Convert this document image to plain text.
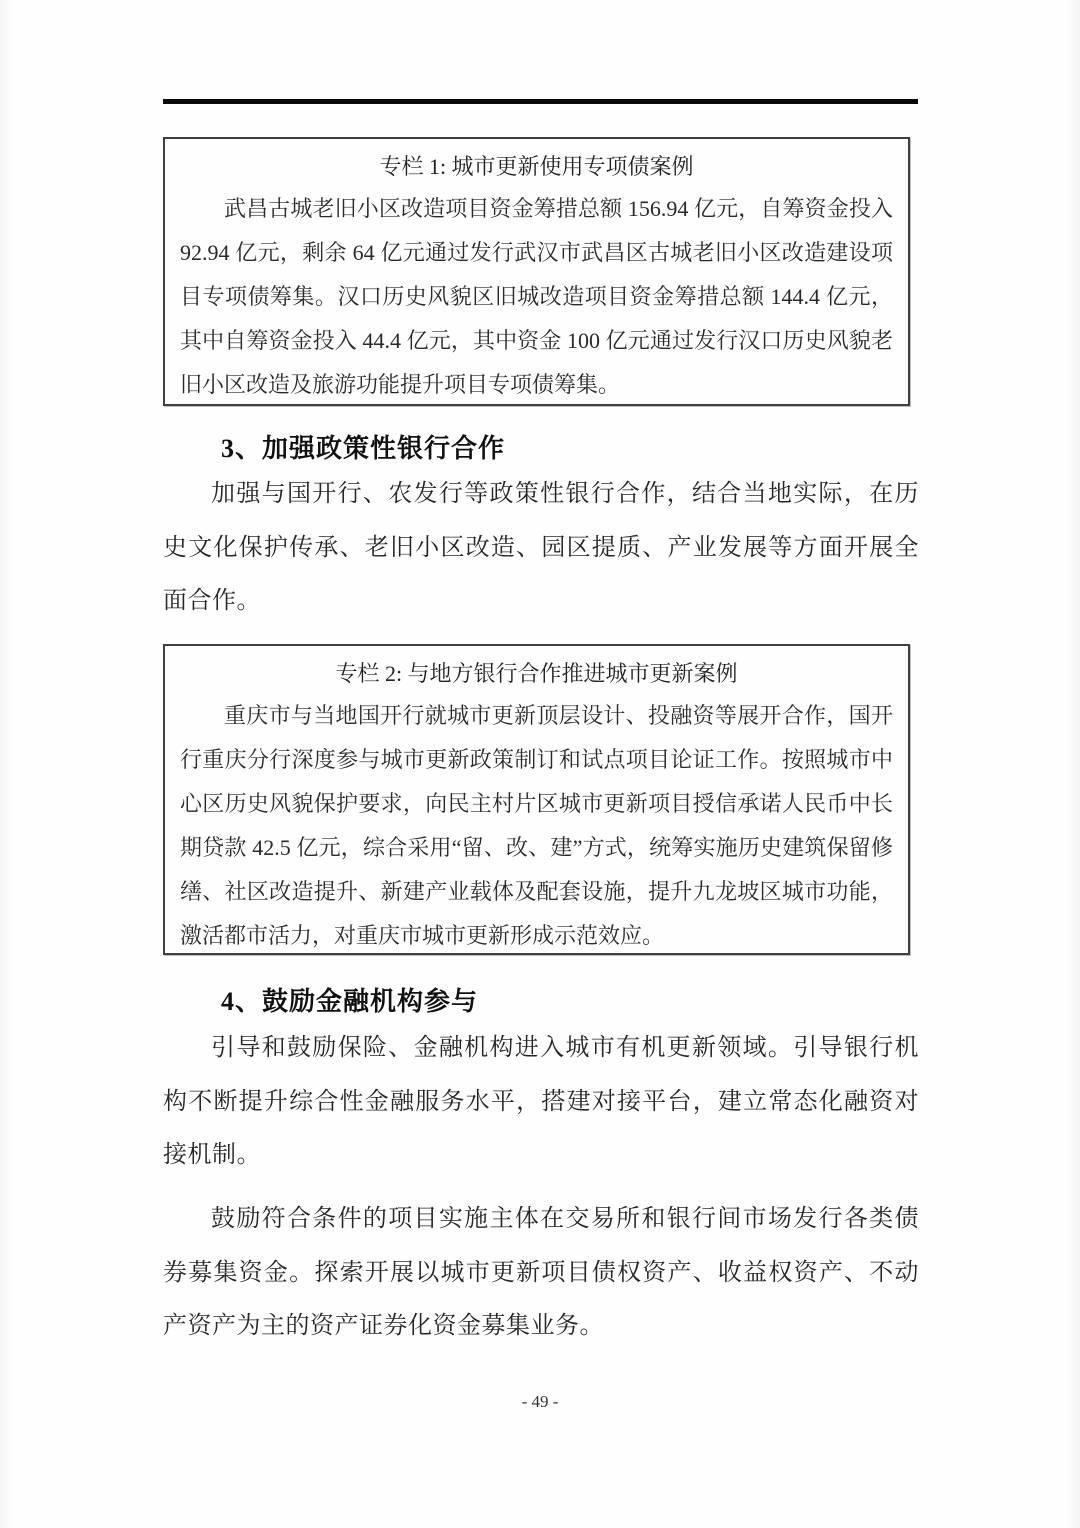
专栏 1: 城市更新使用专项债案例
武昌古城老旧小区改造项目资金筹措总额 156.94 亿元，自筹资金投入 92.94 亿元，剩余 64 亿元通过发行武汉市武昌区古城老旧小区改造建设项目专项债筹集。汉口历史风貌区旧城改造项目资金筹措总额 144.4 亿元，其中自筹资金投入 44.4 亿元，其中资金 100 亿元通过发行汉口历史风貌老旧小区改造及旅游功能提升项目专项债筹集。
3、加强政策性银行合作
加强与国开行、农发行等政策性银行合作，结合当地实际，在历史文化保护传承、老旧小区改造、园区提质、产业发展等方面开展全面合作。
专栏 2: 与地方银行合作推进城市更新案例
重庆市与当地国开行就城市更新顶层设计、投融资等展开合作，国开行重庆分行深度参与城市更新政策制订和试点项目论证工作。按照城市中心区历史风貌保护要求，向民主村片区城市更新项目授信承诺人民币中长期贷款 42.5 亿元，综合采用“留、改、建”方式，统筹实施历史建筑保留修缮、社区改造提升、新建产业载体及配套设施，提升九龙坡区城市功能，激活都市活力，对重庆市城市更新形成示范效应。
4、鼓励金融机构参与
引导和鼓励保险、金融机构进入城市有机更新领域。引导银行机构不断提升综合性金融服务水平，搭建对接平台，建立常态化融资对接机制。
鼓励符合条件的项目实施主体在交易所和银行间市场发行各类债券募集资金。探索开展以城市更新项目债权资产、收益权资产、不动产资产为主的资产证券化资金募集业务。
- 49 -
